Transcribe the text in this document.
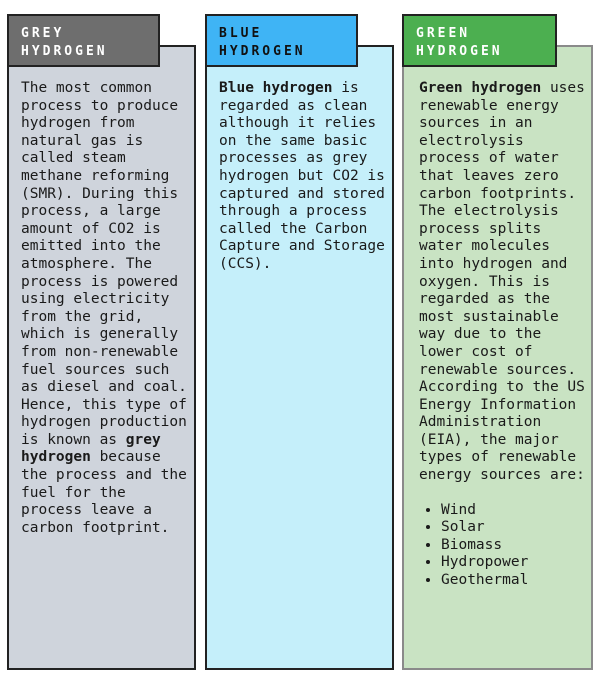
GREY
HYDROGEN

The most common process to produce hydrogen from natural gas is called steam methane reforming (SMR). During this process, a large amount of CO2 is emitted into the atmosphere. The process is powered using electricity from the grid, which is generally from non-renewable fuel sources such as diesel and coal. Hence, this type of hydrogen production is known as grey hydrogen because the process and the fuel for the process leave a carbon footprint.

BLUE
HYDROGEN

Blue hydrogen is regarded as clean although it relies on the same basic processes as grey hydrogen but CO2 is captured and stored through a process called the Carbon Capture and Storage (CCS).

GREEN
HYDROGEN

Green hydrogen uses renewable energy sources in an electrolysis process of water that leaves zero carbon footprints. The electrolysis process splits water molecules into hydrogen and oxygen. This is regarded as the most sustainable way due to the lower cost of renewable sources. According to the US Energy Information Administration (EIA), the major types of renewable energy sources are:

• Wind
• Solar
• Biomass
• Hydropower
• Geothermal
